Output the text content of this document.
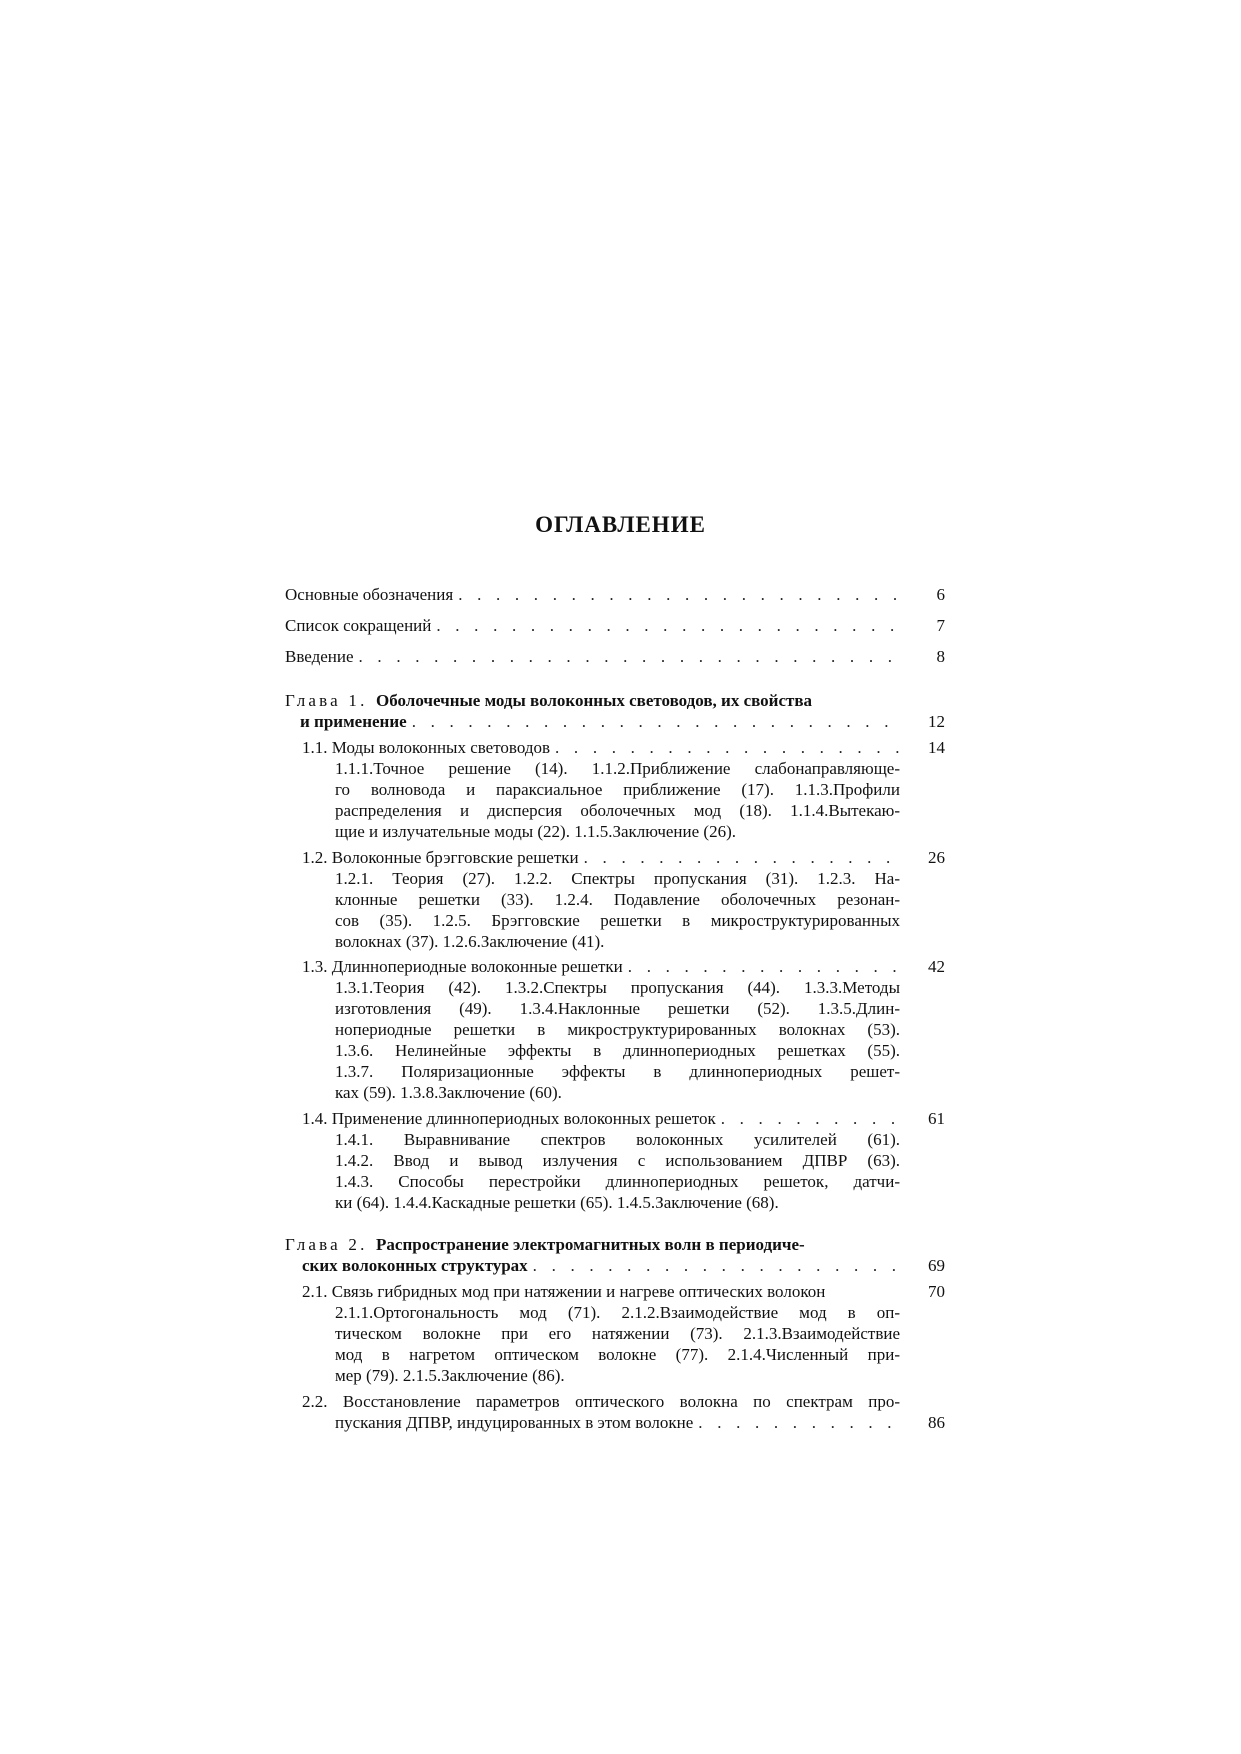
ОГЛАВЛЕНИЕ
Основные обозначения . . .	6
Список сокращений . . .	7
Введение . . .	8
Глава 1. Оболочечные моды волоконных световодов, их свойства
и применение . . .	12
1.1. Моды волоконных световодов . . .	14
1.1.1.Точное решение (14). 1.1.2.Приближение слабонаправляюще-
го волновода и параксиальное приближение (17). 1.1.3.Профили
распределения и дисперсия оболочечных мод (18). 1.1.4.Вытекаю-
щие и излучательные моды (22). 1.1.5.Заключение (26).
1.2. Волоконные брэгговские решетки . . .	26
1.2.1. Теория (27). 1.2.2. Спектры пропускания (31). 1.2.3. На-
клонные решетки (33). 1.2.4. Подавление оболочечных резонан-
сов (35). 1.2.5. Брэгговские решетки в микроструктурированных
волокнах (37). 1.2.6.Заключение (41).
1.3. Длиннопериодные волоконные решетки . . .	42
1.3.1.Теория (42). 1.3.2.Спектры пропускания (44). 1.3.3.Методы
изготовления (49). 1.3.4.Наклонные решетки (52). 1.3.5.Длин-
нопериодные решетки в микроструктурированных волокнах (53).
1.3.6. Нелинейные эффекты в длиннопериодных решетках (55).
1.3.7. Поляризационные эффекты в длиннопериодных решет-
ках (59). 1.3.8.Заключение (60).
1.4. Применение длиннопериодных волоконных решеток . . .	61
1.4.1. Выравнивание спектров волоконных усилителей (61).
1.4.2. Ввод и вывод излучения с использованием ДПВР (63).
1.4.3. Способы перестройки длиннопериодных решеток, датчи-
ки (64). 1.4.4.Каскадные решетки (65). 1.4.5.Заключение (68).
Глава 2. Распространение электромагнитных волн в периодиче-
ских волоконных структурах . . .	69
2.1. Связь гибридных мод при натяжении и нагреве оптических волокон	70
2.1.1.Ортогональность мод (71). 2.1.2.Взаимодействие мод в оп-
тическом волокне при его натяжении (73). 2.1.3.Взаимодействие
мод в нагретом оптическом волокне (77). 2.1.4.Численный при-
мер (79). 2.1.5.Заключение (86).
2.2. Восстановление параметров оптического волокна по спектрам про-
пускания ДПВР, индуцированных в этом волокне . . .	86
